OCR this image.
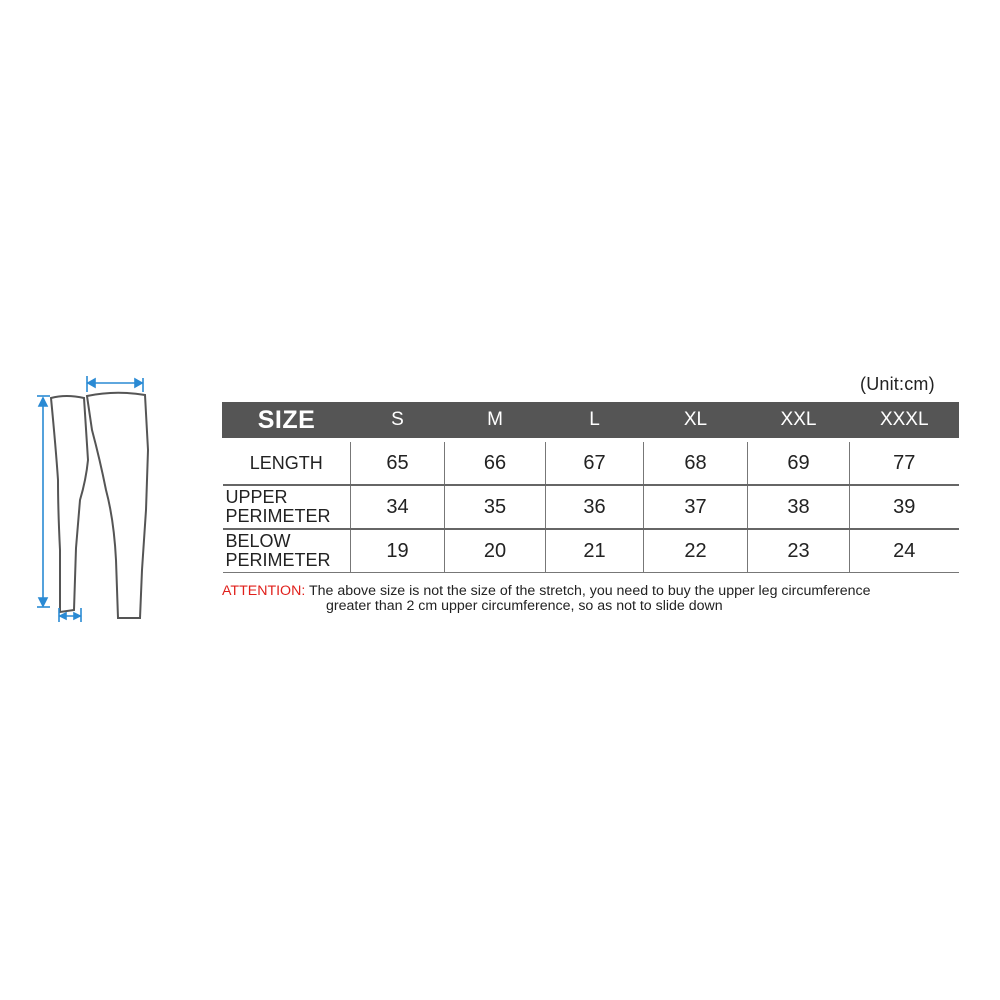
(Unit:cm)
SIZE	S	M	L	XL	XXL	XXXL
LENGTH	65	66	67	68	69	77
UPPER
PERIMETER	34	35	36	37	38	39
BELOW
PERIMETER	19	20	21	22	23	24
ATTENTION: The above size is not the size of the stretch, you need to buy the upper leg circumference
greater than 2 cm upper circumference, so as not to slide down
